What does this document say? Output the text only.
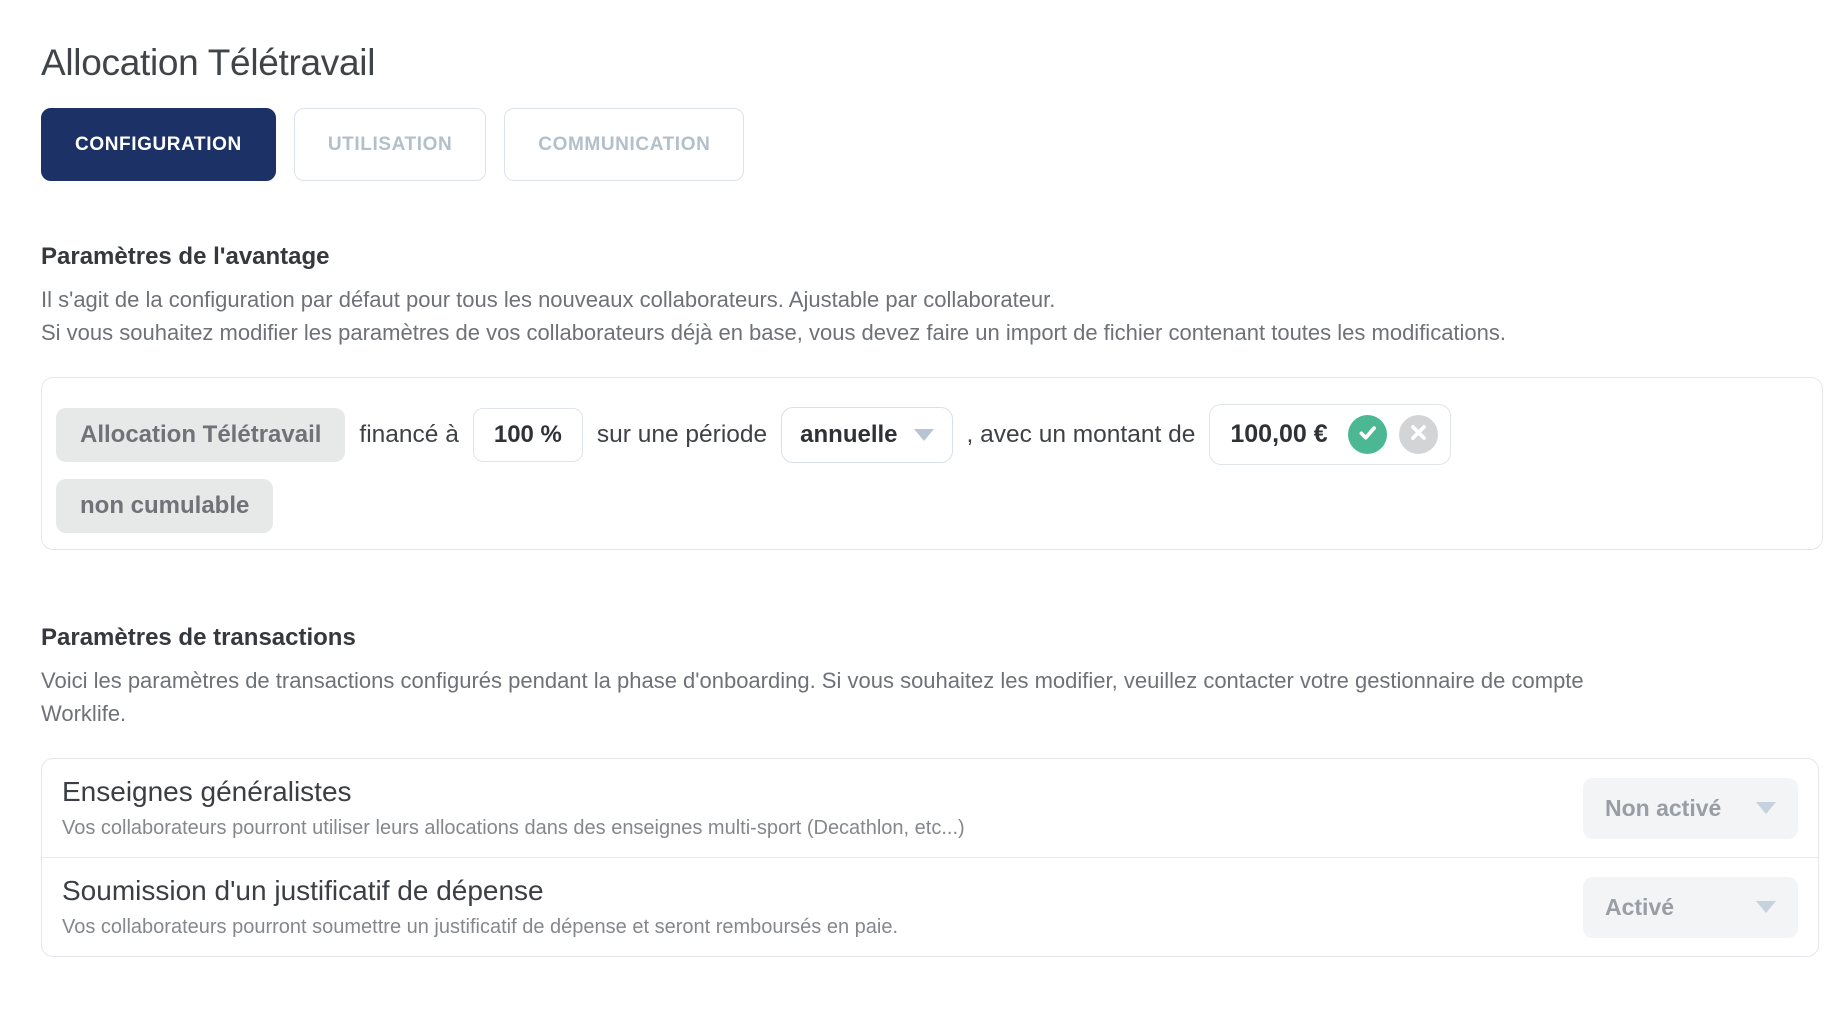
Allocation Télétravail
CONFIGURATION	UTILISATION	COMMUNICATION
Paramètres de l'avantage
Il s'agit de la configuration par défaut pour tous les nouveaux collaborateurs. Ajustable par collaborateur.
Si vous souhaitez modifier les paramètres de vos collaborateurs déjà en base, vous devez faire un import de fichier contenant toutes les modifications.
Allocation Télétravail	financé à	100 %	sur une période annuelle	, avec un montant de 100,00 €
non cumulable
Paramètres de transactions
Voici les paramètres de transactions configurés pendant la phase d'onboarding. Si vous souhaitez les modifier, veuillez contacter votre gestionnaire de compte
Worklife.
Enseignes généralistes
Vos collaborateurs pourront utiliser leurs allocations dans des enseignes multi-sport (Decathlon, etc...)
Non activé
Soumission d'un justificatif de dépense
Vos collaborateurs pourront soumettre un justificatif de dépense et seront remboursés en paie.
Activé
